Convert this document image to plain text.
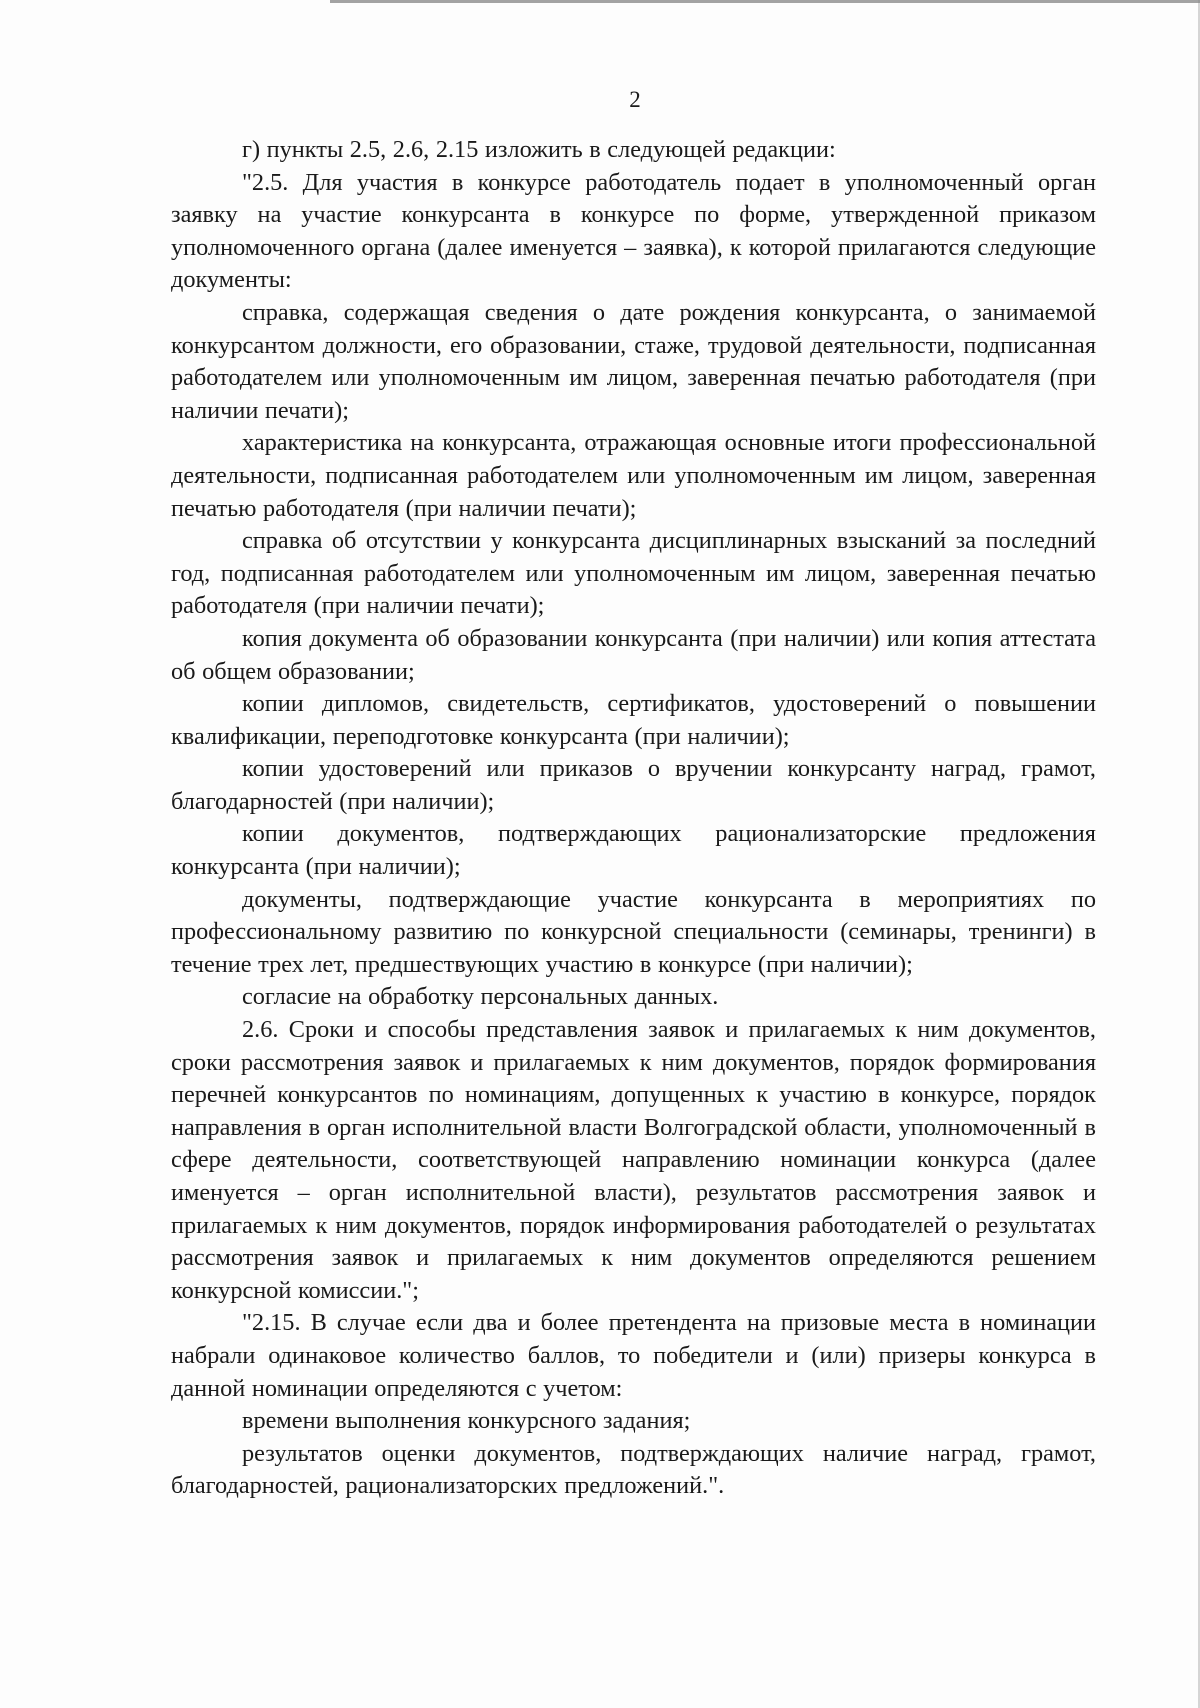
2

г) пункты 2.5, 2.6, 2.15 изложить в следующей редакции:

"2.5. Для участия в конкурсе работодатель подает в уполномоченный орган заявку на участие конкурсанта в конкурсе по форме, утвержденной приказом уполномоченного органа (далее именуется – заявка), к которой прилагаются следующие документы:

справка, содержащая сведения о дате рождения конкурсанта, о занимаемой конкурсантом должности, его образовании, стаже, трудовой деятельности, подписанная работодателем или уполномоченным им лицом, заверенная печатью работодателя (при наличии печати);

характеристика на конкурсанта, отражающая основные итоги профессиональной деятельности, подписанная работодателем или уполномоченным им лицом, заверенная печатью работодателя (при наличии печати);

справка об отсутствии у конкурсанта дисциплинарных взысканий за последний год, подписанная работодателем или уполномоченным им лицом, заверенная печатью работодателя (при наличии печати);

копия документа об образовании конкурсанта (при наличии) или копия аттестата об общем образовании;

копии дипломов, свидетельств, сертификатов, удостоверений о повышении квалификации, переподготовке конкурсанта (при наличии);

копии удостоверений или приказов о вручении конкурсанту наград, грамот, благодарностей (при наличии);

копии документов, подтверждающих рационализаторские предложения конкурсанта (при наличии);

документы, подтверждающие участие конкурсанта в мероприятиях по профессиональному развитию по конкурсной специальности (семинары, тренинги) в течение трех лет, предшествующих участию в конкурсе (при наличии);

согласие на обработку персональных данных.

2.6. Сроки и способы представления заявок и прилагаемых к ним документов, сроки рассмотрения заявок и прилагаемых к ним документов, порядок формирования перечней конкурсантов по номинациям, допущенных к участию в конкурсе, порядок направления в орган исполнительной власти Волгоградской области, уполномоченный в сфере деятельности, соответствующей направлению номинации конкурса (далее именуется – орган исполнительной власти), результатов рассмотрения заявок и прилагаемых к ним документов, порядок информирования работодателей о результатах рассмотрения заявок и прилагаемых к ним документов определяются решением конкурсной комиссии.";

"2.15. В случае если два и более претендента на призовые места в номинации набрали одинаковое количество баллов, то победители и (или) призеры конкурса в данной номинации определяются с учетом:

времени выполнения конкурсного задания;

результатов оценки документов, подтверждающих наличие наград, грамот, благодарностей, рационализаторских предложений.".
